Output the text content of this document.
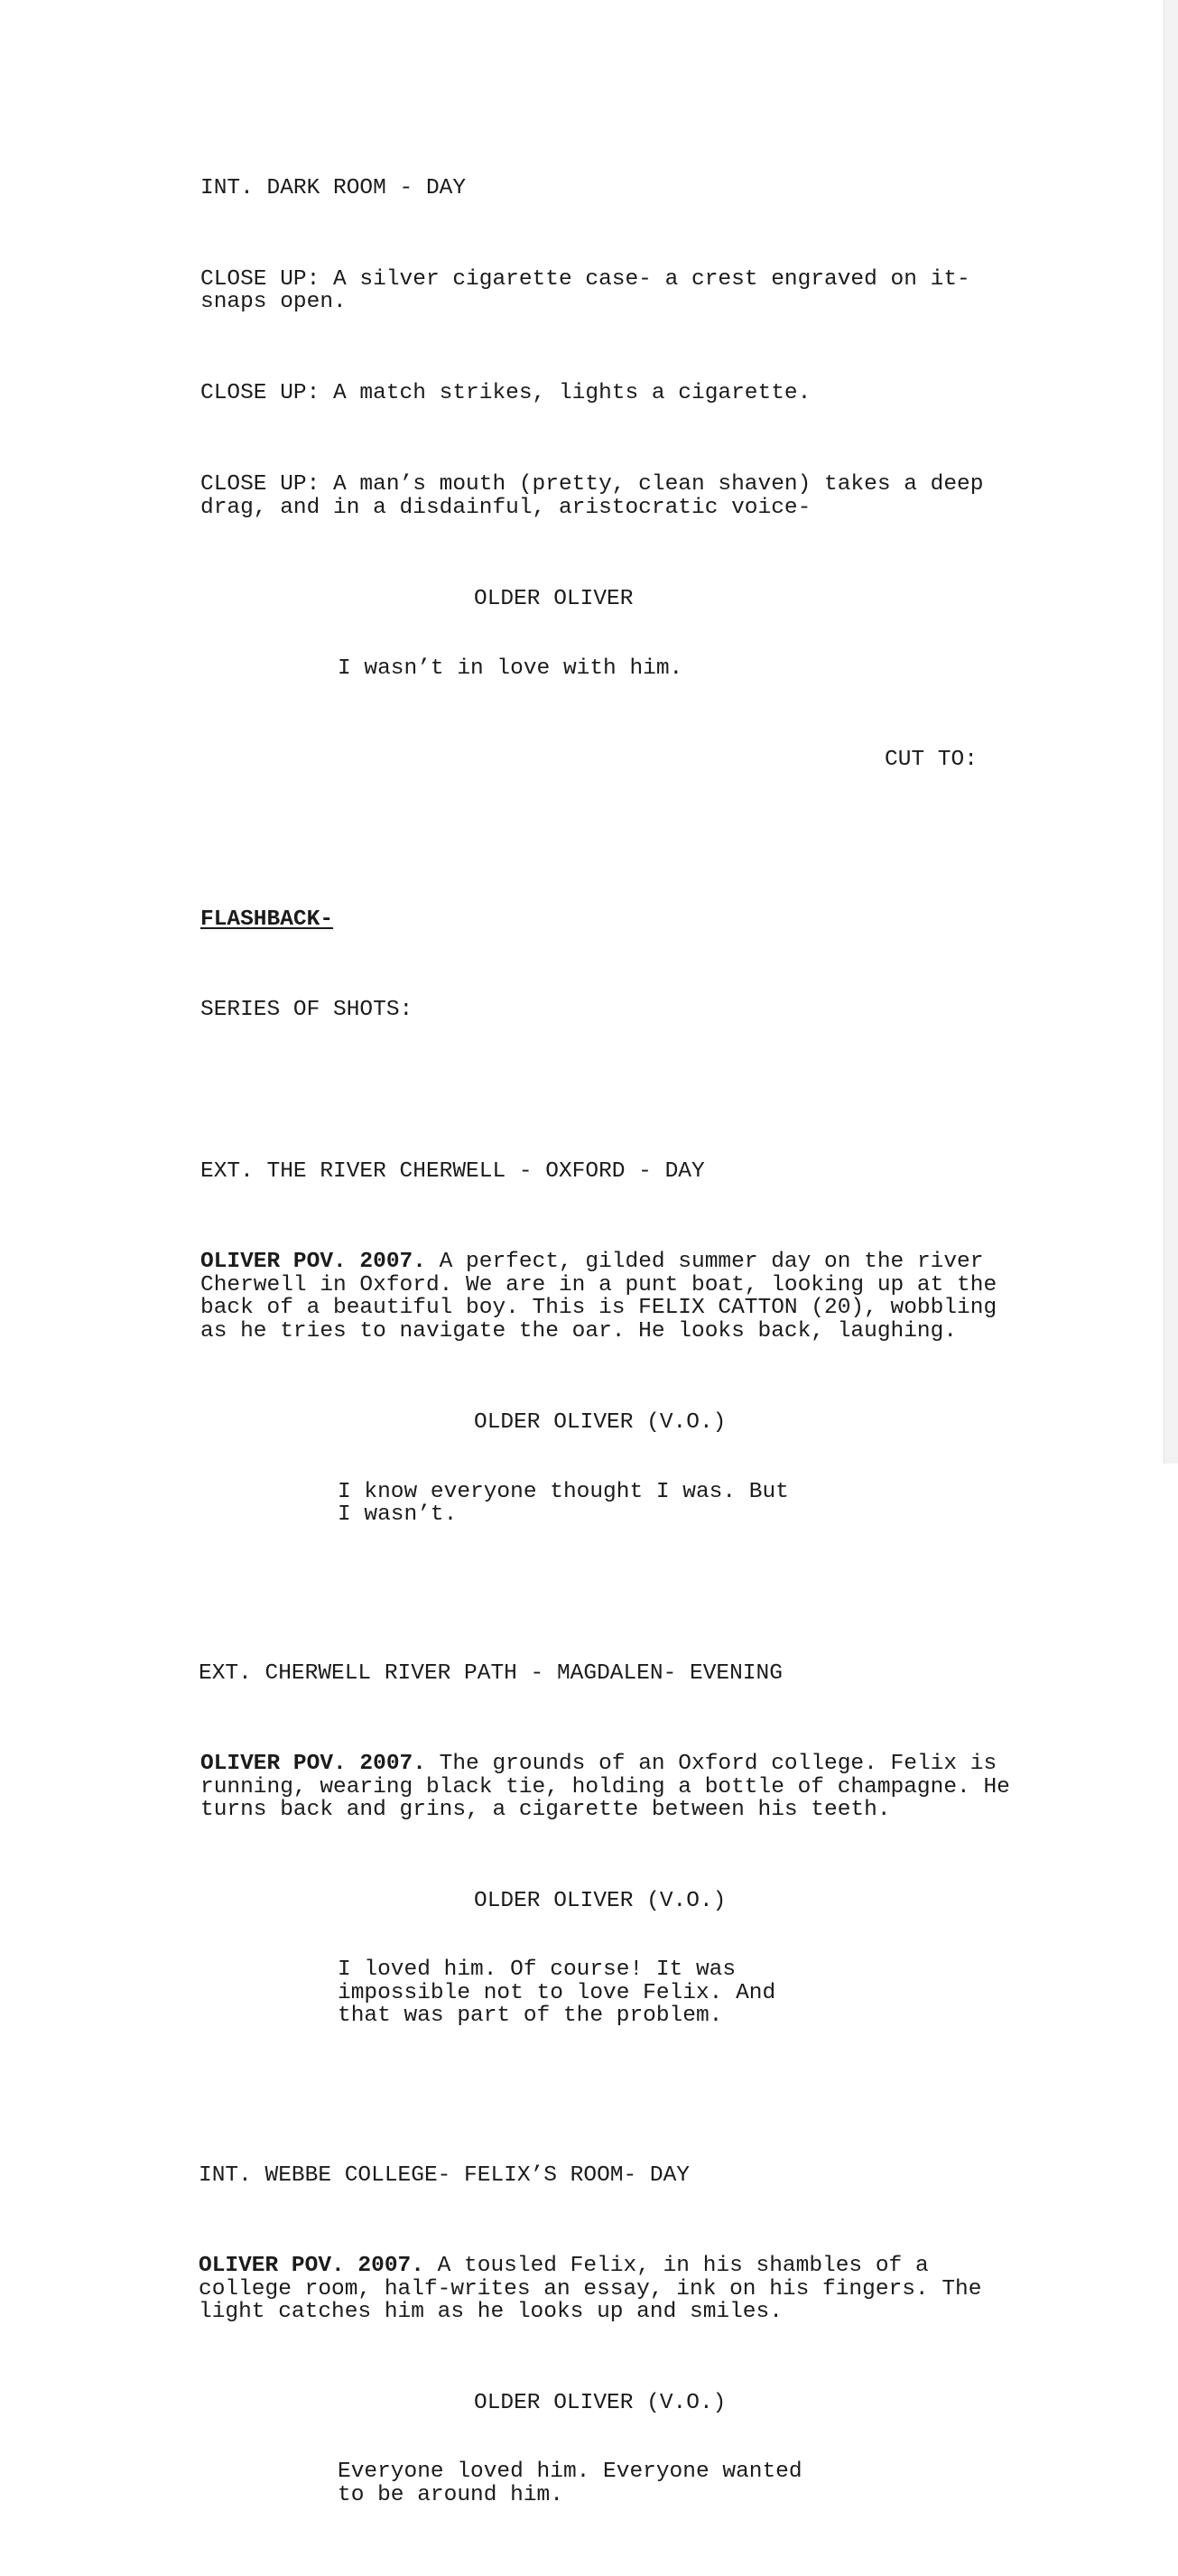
INT. DARK ROOM - DAY

CLOSE UP: A silver cigarette case- a crest engraved on it- snaps open.

CLOSE UP: A match strikes, lights a cigarette.

CLOSE UP: A man’s mouth (pretty, clean shaven) takes a deep drag, and in a disdainful, aristocratic voice-

OLDER OLIVER

I wasn’t in love with him.

CUT TO:

FLASHBACK-

SERIES OF SHOTS:

EXT. THE RIVER CHERWELL - OXFORD - DAY

OLIVER POV. 2007. A perfect, gilded summer day on the river Cherwell in Oxford. We are in a punt boat, looking up at the back of a beautiful boy. This is FELIX CATTON (20), wobbling as he tries to navigate the oar. He looks back, laughing.

OLDER OLIVER (V.O.)

I know everyone thought I was. But I wasn’t.

EXT. CHERWELL RIVER PATH - MAGDALEN- EVENING

OLIVER POV. 2007. The grounds of an Oxford college. Felix is running, wearing black tie, holding a bottle of champagne. He turns back and grins, a cigarette between his teeth.

OLDER OLIVER (V.O.)

I loved him. Of course! It was impossible not to love Felix. And that was part of the problem.

INT. WEBBE COLLEGE- FELIX’S ROOM- DAY

OLIVER POV. 2007. A tousled Felix, in his shambles of a college room, half-writes an essay, ink on his fingers. The light catches him as he looks up and smiles.

OLDER OLIVER (V.O.)

Everyone loved him. Everyone wanted to be around him.
